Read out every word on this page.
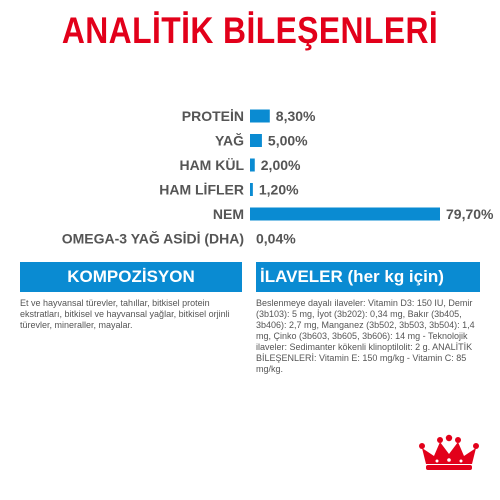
ANALİTİK BİLEŞENLERİ
PROTEİN 8,30%
YAĞ 5,00%
HAM KÜL 2,00%
HAM LİFLER 1,20%
NEM	79,70%
OMEGA-3 YAĞ ASİDİ (DHA) 0,04%
KOMPOZİSYON	İLAVELER (her kg için)
Et ve hayvansal türevler, tahıllar, bitkisel protein ekstratları, bitkisel ve hayvansal yağlar, bitkisel orjinli türevler, mineraller, mayalar.
Beslenmeye dayalı ilaveler: Vitamin D3: 150 IU, Demir (3b103): 5 mg, İyot (3b202): 0,34 mg, Bakır (3b405, 3b406): 2,7 mg, Manganez (3b502, 3b503, 3b504): 1,4 mg, Çinko (3b603, 3b605, 3b606): 14 mg - Teknolojik ilaveler: Sedimanter kökenli klinoptilolit: 2 g. ANALİTİK BİLEŞENLERİ: Vitamin E: 150 mg/kg - Vitamin C: 85 mg/kg.
